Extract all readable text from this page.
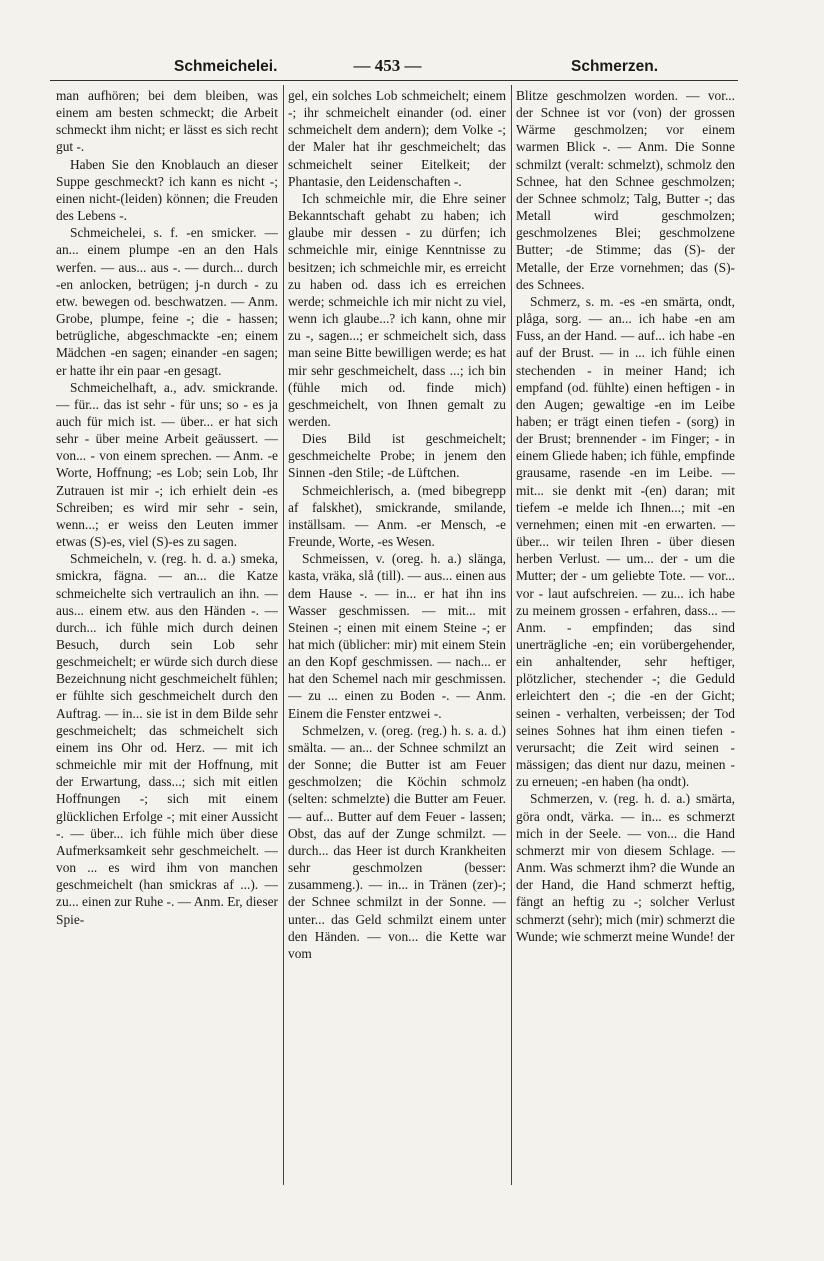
Schmeichelei.	— 453 —	Schmerzen.

man aufhören; bei dem bleiben, was einem am besten schmeckt; die Arbeit schmeckt ihm nicht; er lässt es sich recht gut -.

Haben Sie den Knoblauch an dieser Suppe geschmeckt? ich kann es nicht -; einen nicht-(leiden) können; die Freuden des Lebens -.

Schmeichelei, s. f. -en smicker. — an... einem plumpe -en an den Hals werfen. — aus... aus -. — durch... durch -en anlocken, betrügen; j-n durch - zu etw. bewegen od. beschwatzen. — Anm. Grobe, plumpe, feine -; die - hassen; betrügliche, abgeschmackte -en; einem Mädchen -en sagen; einander -en sagen; er hatte ihr ein paar -en gesagt.

Schmeichelhaft, a., adv. smickrande. — für... das ist sehr - für uns; so - es ja auch für mich ist. — über... er hat sich sehr - über meine Arbeit geäussert. — von... - von einem sprechen. — Anm. -e Worte, Hoffnung; -es Lob; sein Lob, Ihr Zutrauen ist mir -; ich erhielt dein -es Schreiben; es wird mir sehr - sein, wenn...; er weiss den Leuten immer etwas (S)-es, viel (S)-es zu sagen.

Schmeicheln, v. (reg. h. d. a.) smeka, smickra, fägna. — an... die Katze schmeichelte sich vertraulich an ihn. — aus... einem etw. aus den Händen -. — durch... ich fühle mich durch deinen Besuch, durch sein Lob sehr geschmeichelt; er würde sich durch diese Bezeichnung nicht geschmeichelt fühlen; er fühlte sich geschmeichelt durch den Auftrag. — in... sie ist in dem Bilde sehr geschmeichelt; das schmeichelt sich einem ins Ohr od. Herz. — mit ich schmeichle mir mit der Hoffnung, mit der Erwartung, dass...; sich mit eitlen Hoffnungen -; sich mit einem glücklichen Erfolge -; mit einer Aussicht -. — über... ich fühle mich über diese Aufmerksamkeit sehr geschmeichelt. — von ... es wird ihm von manchen geschmeichelt (han smickras af ...). — zu... einen zur Ruhe -. — Anm. Er, dieser Spie-

gel, ein solches Lob schmeichelt; einem -; ihr schmeichelt einander (od. einer schmeichelt dem andern); dem Volke -; der Maler hat ihr geschmeichelt; das schmeichelt seiner Eitelkeit; der Phantasie, den Leidenschaften -.

Ich schmeichle mir, die Ehre seiner Bekanntschaft gehabt zu haben; ich glaube mir dessen - zu dürfen; ich schmeichle mir, einige Kenntnisse zu besitzen; ich schmeichle mir, es erreicht zu haben od. dass ich es erreichen werde; schmeichle ich mir nicht zu viel, wenn ich glaube...? ich kann, ohne mir zu -, sagen...; er schmeichelt sich, dass man seine Bitte bewilligen werde; es hat mir sehr geschmeichelt, dass ...; ich bin (fühle mich od. finde mich) geschmeichelt, von Ihnen gemalt zu werden.

Dies Bild ist geschmeichelt; geschmeichelte Probe; in jenem den Sinnen -den Stile; -de Lüftchen.

Schmeichlerisch, a. (med bibegrepp af falskhet), smickrande, smilande, inställsam. — Anm. -er Mensch, -e Freunde, Worte, -es Wesen.

Schmeissen, v. (oreg. h. a.) slänga, kasta, vräka, slå (till). — aus... einen aus dem Hause -. — in... er hat ihn ins Wasser geschmissen. — mit... mit Steinen -; einen mit einem Steine -; er hat mich (üblicher: mir) mit einem Stein an den Kopf geschmissen. — nach... er hat den Schemel nach mir geschmissen. — zu ... einen zu Boden -. — Anm. Einem die Fenster entzwei -.

Schmelzen, v. (oreg. (reg.) h. s. a. d.) smälta. — an... der Schnee schmilzt an der Sonne; die Butter ist am Feuer geschmolzen; die Köchin schmolz (selten: schmelzte) die Butter am Feuer. — auf... Butter auf dem Feuer - lassen; Obst, das auf der Zunge schmilzt. — durch... das Heer ist durch Krankheiten sehr geschmolzen (besser: zusammeng.). — in... in Tränen (zer)-; der Schnee schmilzt in der Sonne. — unter... das Geld schmilzt einem unter den Händen. — von... die Kette war vom

Blitze geschmolzen worden. — vor... der Schnee ist vor (von) der grossen Wärme geschmolzen; vor einem warmen Blick -. — Anm. Die Sonne schmilzt (veralt: schmelzt), schmolz den Schnee, hat den Schnee geschmolzen; der Schnee schmolz; Talg, Butter -; das Metall wird geschmolzen; geschmolzenes Blei; geschmolzene Butter; -de Stimme; das (S)- der Metalle, der Erze vornehmen; das (S)-des Schnees.

Schmerz, s. m. -es -en smärta, ondt, plåga, sorg. — an... ich habe -en am Fuss, an der Hand. — auf... ich habe -en auf der Brust. — in ... ich fühle einen stechenden - in meiner Hand; ich empfand (od. fühlte) einen heftigen - in den Augen; gewaltige -en im Leibe haben; er trägt einen tiefen - (sorg) in der Brust; brennender - im Finger; - in einem Gliede haben; ich fühle, empfinde grausame, rasende -en im Leibe. — mit... sie denkt mit -(en) daran; mit tiefem -e melde ich Ihnen...; mit -en vernehmen; einen mit -en erwarten. — über... wir teilen Ihren - über diesen herben Verlust. — um... der - um die Mutter; der - um geliebte Tote. — vor... vor - laut aufschreien. — zu... ich habe zu meinem grossen - erfahren, dass... — Anm. - empfinden; das sind unerträgliche -en; ein vorübergehender, ein anhaltender, sehr heftiger, plötzlicher, stechender -; die Geduld erleichtert den -; die -en der Gicht; seinen - verhalten, verbeissen; der Tod seines Sohnes hat ihm einen tiefen - verursacht; die Zeit wird seinen - mässigen; das dient nur dazu, meinen - zu erneuen; -en haben (ha ondt).

Schmerzen, v. (reg. h. d. a.) smärta, göra ondt, värka. — in... es schmerzt mich in der Seele. — von... die Hand schmerzt mir von diesem Schlage. — Anm. Was schmerzt ihm? die Wunde an der Hand, die Hand schmerzt heftig, fängt an heftig zu -; solcher Verlust schmerzt (sehr); mich (mir) schmerzt die Wunde; wie schmerzt meine Wunde! der
